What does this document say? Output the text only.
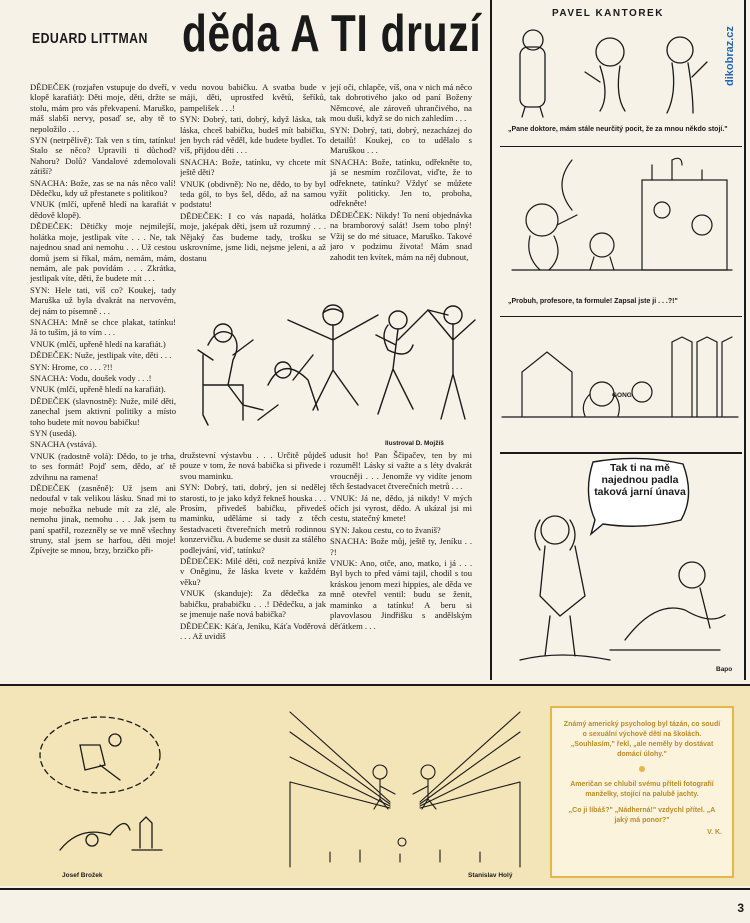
EDUARD LITTMAN děda A TI druzí

DĚDEČEK (rozjařen vstupuje do dveří, v klopě karafiát): Děti moje, děti, držte se stolu, mám pro vás překvapení. Maruško, máš slabší nervy, posaď se, aby tě to nepoložilo . . .

SYN (netrpělivě): Tak ven s tím, tatínku! Stalo se něco? Upravili ti důchod? Nahoru? Dolů? Vandalové zdemolovali zátiší?

SNACHA: Bože, zas se na nás něco valí! Dědečku, kdy už přestanete s politikou?

VNUK (mlčí, upřeně hledí na karafiát v dědově klopě).

DĚDEČEK: Dětičky moje nejmilejší, holátka moje, jestlipak víte . . . Ne, tak najednou snad ani nemohu . . . Už cestou domů jsem si říkal, mám, nemám, mám, nemám, ale pak povídám . . . Zkrátka, jestlipak víte, děti, že budete mít . . .

SYN: Hele tati, víš co? Koukej, tady Maruška už byla dvakrát na nervovém, dej nám to písemně . . .

SNACHA: Mně se chce plakat, tatínku! Já to tuším, já to vím . . .

VNUK (mlčí, upřeně hledí na karafiát.)

DĚDEČEK: Nuže, jestlipak víte, děti . . .

SYN: Hrome, co . . . ?!!

SNACHA: Vodu, doušek vody . . .!

VNUK (mlčí, upřeně hledí na karafiát).

DĚDEČEK (slavnostně): Nuže, milé děti, zanechal jsem aktivní politiky a místo toho budete mít novou babičku!

SYN (usedá).

SNACHA (vstává).

VNUK (radostně volá): Dědo, to je trha, to ses formát! Pojď sem, dědo, ať tě zdvihnu na ramena!

DĚDEČEK (zasněně): Už jsem ani nedoufal v tak velikou lásku. Snad mi to moje nebožka nebude mít za zlé, ale nemohu jinak, nemohu . . . Jak jsem tu paní spatřil, rozezněly se ve mně všechny struny, stal jsem se harfou, děti moje! Zpívejte se mnou, brzy, brzičko při-

vedu novou babičku. A svatba bude v máji, děti, uprostřed květů, šeříků, pampelišek . . .!

SYN: Dobrý, tati, dobrý, když láska, tak láska, chceš babičku, budeš mít babičku, jen bych rád věděl, kde budete bydlet. To víš, přijdou děti . . .

SNACHA: Bože, tatínku, vy chcete mít ještě děti?

VNUK (obdivně): No ne, dědo, to by byl teda gól, to bys šel, dědo, až na samou podstatu!

DĚDEČEK: I co vás napadá, holátka moje, jaképak děti, jsem už rozumný . . . Nějaký čas budeme tady, trošku se uskrovníme, jsme lidi, nejsme jeleni, a až dostanu

její oči, chlapče, víš, ona v nich má něco tak dobrotivého jako od paní Boženy Němcové, ale zároveň uhrančivého, na mou duši, když se do nich zahledím . . .

SYN: Dobrý, tati, dobrý, nezacházej do detailů! Koukej, co to udělalo s Maruškou . . .

SNACHA: Bože, tatínku, odřekněte to, já se nesmím rozčilovat, viďte, že to odřeknete, tatínku? Vždyť se můžete vyžít politicky. Jen to, proboha, odřekněte!

DĚDEČEK: Nikdy! To není objednávka na bramborový salát! Jsem tobo plný! Vžij se do mé situace, Maruško. Takové jaro v podzimu života! Mám snad zahodit ten kvítek, mám na něj dubnout,

družstevní výstavbu . . . Určitě půjdeš pouze v tom, že nová babička si přivede i svou maminku.

SYN: Dobrý, tati, dobrý, jen si nedělej starosti, to je jako když řekneš houska . . . Prosím, přivedeš babičku, přivedeš maminku, uděláme si tady z těch šestadvaceti čtverečních metrů rodinnou konzervičku. A budeme se dusit za stálého podlejvání, viď, tatínku?

DĚDEČEK: Milé děti, což nezpívá kniže v Oněginu, že láska kvete v každém věku?

VNUK (skanduje): Za dědečka za babičku, prababičku . . .! Dědečku, a jak se jmenuje naše nová babička?

DĚDEČEK: Káťa, Jeníku, Káťa Voděrová . . . Až uvidíš

udusit ho! Pan Ščipačev, ten by mi rozuměl! Lásky si važte a s léty dvakrát vroucněji . . . Jenomže vy vidíte jenom těch šestadvacet čtverečních metrů . . .

VNUK: Já ne, dědo, já nikdy! V mých očích jsi vyrost, dědo. A ukázal jsi mi cestu, statečný kmete!

SYN: Jakou cestu, co to žvaníš?

SNACHA: Bože můj, ještě ty, Jeníku . . ?!

VNUK: Ano, otče, ano, matko, i já . . . Byl bych to před vámi tajil, chodil s tou kráskou jenom mezi hippies, ale děda ve mně otevřel ventil: budu se ženit, maminko a tatínku! A beru si plavovlasou Jindřišku s andělským děťátkem . . .

Ilustroval D. Mojžíš
PAVEL KANTOREK
dikobraz.cz
„Pane doktore, mám stále neurčitý pocit, že za mnou někdo stojí."
„Probuh, profesore, ta formule! Zapsal jste ji . . .?!"
GONG
Tak ti na mě najednou padla taková jarní únava
Bapo
Josef Brožek	Stanislav Holý

Známý americký psycholog byl tázán, co soudí o sexuální výchově dětí na školách. „Souhlasím," řekl, „ale neměly by dostávat domácí úlohy."

Američan se chlubil svému příteli fotografií manželky, stojící na palubě jachty.

„Co ji líbáš?" „Nádherná!" vzdychl přítel. „A jaký má ponor?"

V. K.

3
